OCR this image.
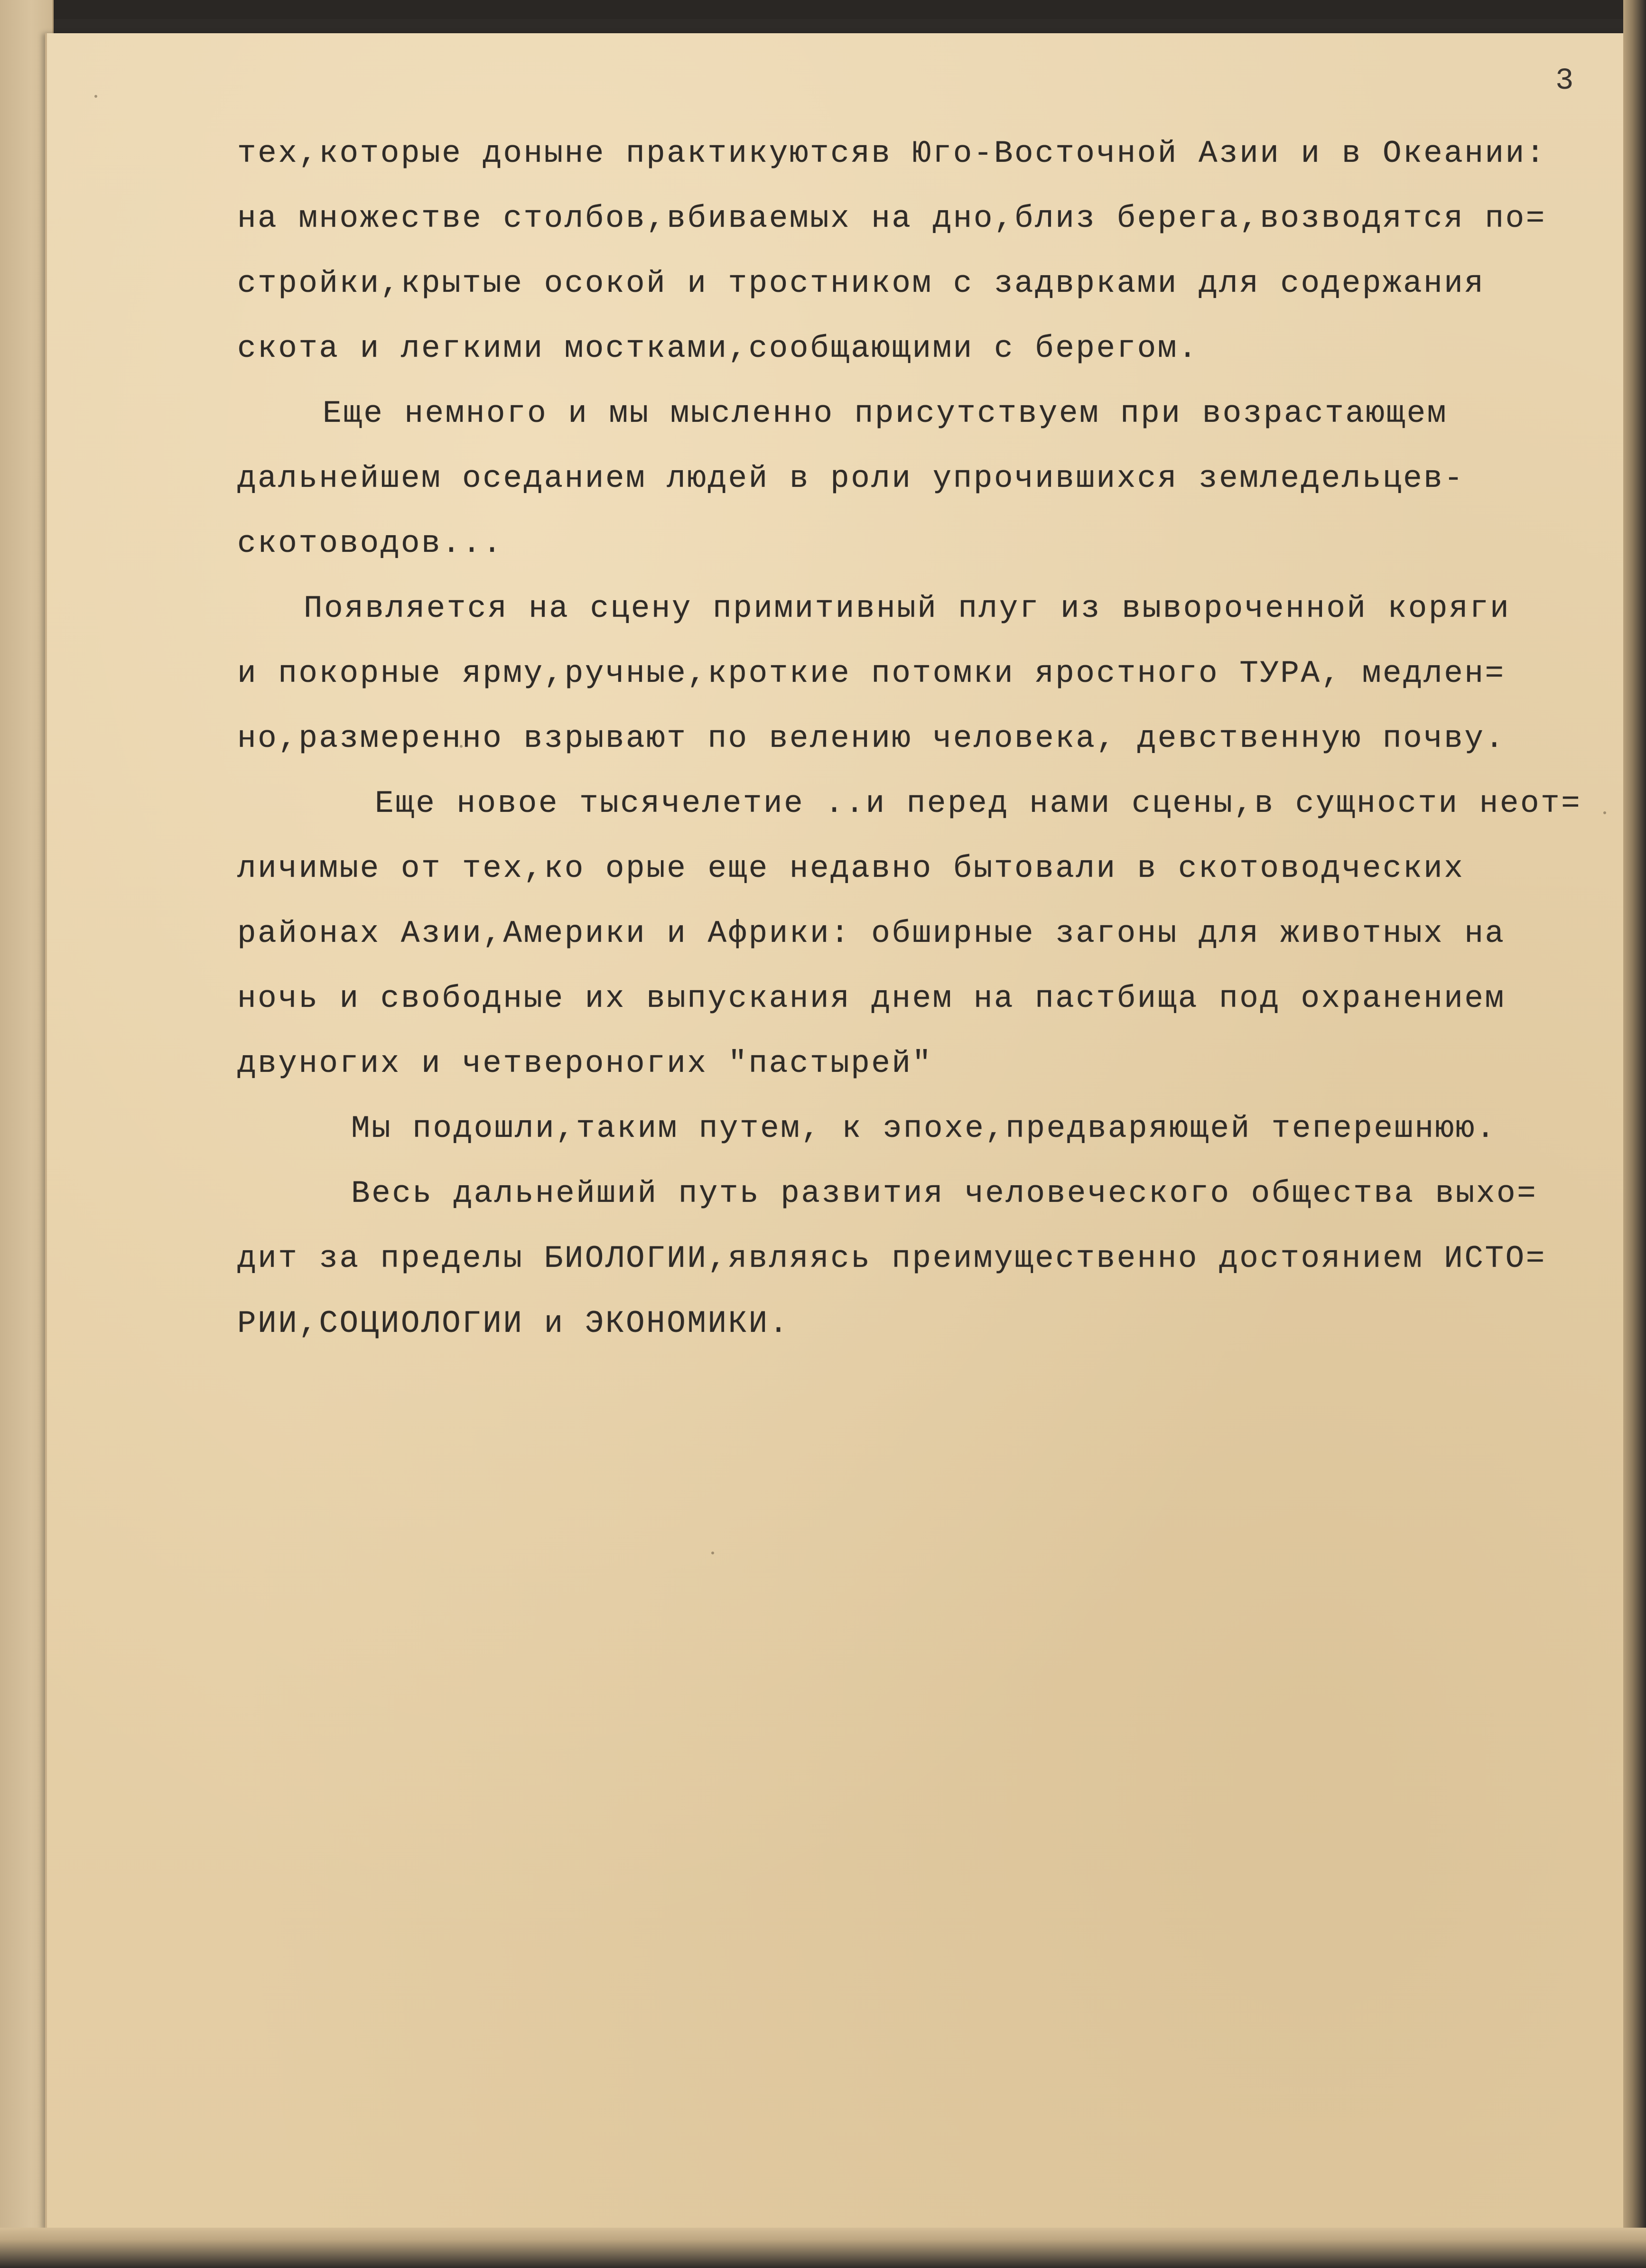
3
тех,которые доныне практикуютсяв Юго-Восточной Азии и в Океании:
на множестве столбов,вбиваемых на дно,близ берега,возводятся по=
стройки,крытые осокой и тростником с задврками для содержания
скота и легкими мостками,сообщающими с берегом.
Еще немного и мы мысленно присутствуем при возрастающем
дальнейшем оседанием людей в роли упрочившихся земледельцев-
скотоводов...
Появляется на сцену примитивный плуг из вывороченной коряги
и покорные ярму,ручные,кроткие потомки яростного ТУРА, медлен=
но,размеренно взрывают по велению человека, девственную почву.
Еще новое тысячелетие ..и перед нами сцены,в сущности неот=
личимые от тех,ко орые еще недавно бытовали в скотоводческих
районах Азии,Америки и Африки: обширные загоны для животных на
ночь и свободные их выпускания днем на пастбища под охранением
двуногих и четвероногих "пастырей"
Мы подошли,таким путем, к эпохе,предваряющей теперешнюю.
Весь дальнейший путь развития человеческого общества выхо=
дит за пределы БИОЛОГИИ,являясь преимущественно достоянием ИСТО=
РИИ,СОЦИОЛОГИИ и ЭКОНОМИКИ.
